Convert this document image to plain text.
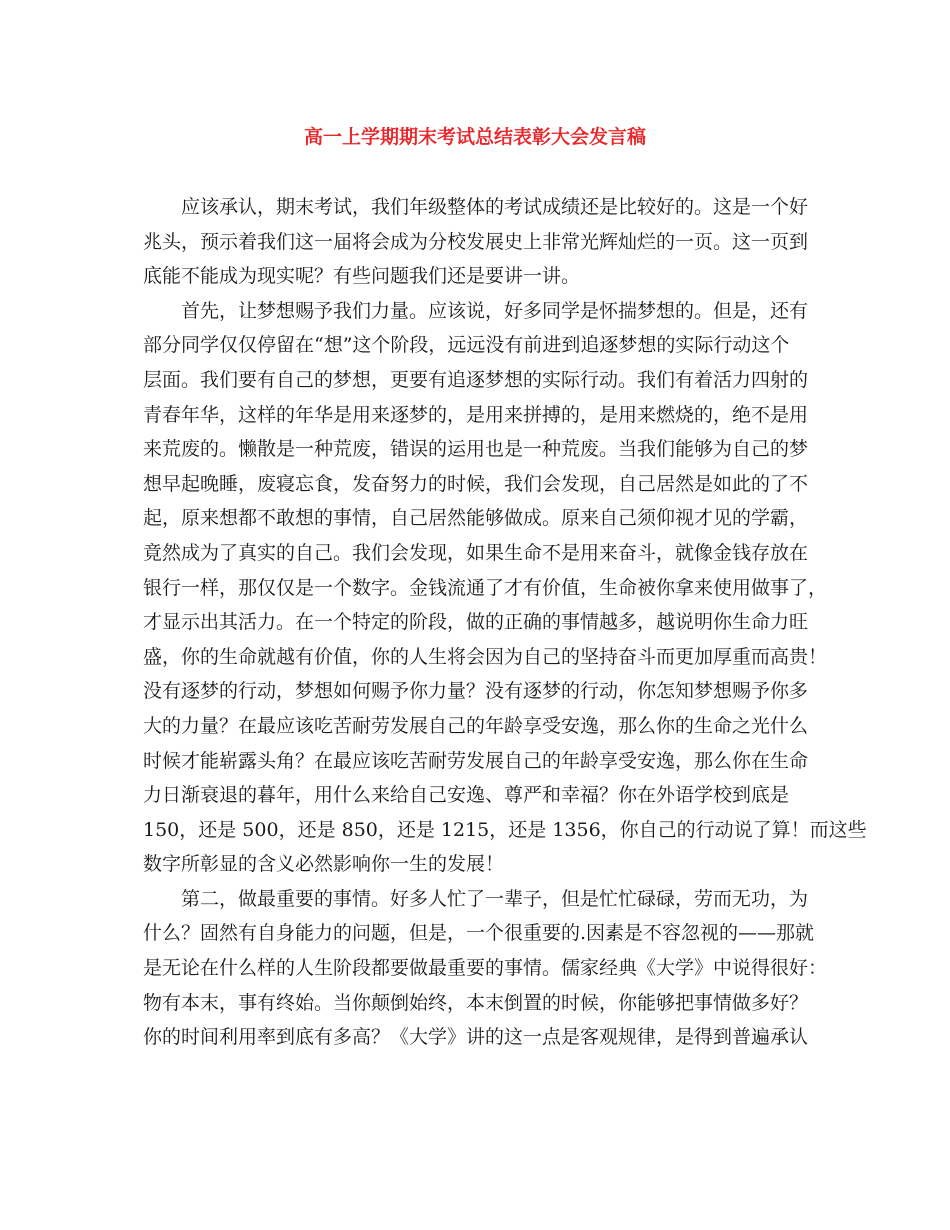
高一上学期期末考试总结表彰大会发言稿
应该承认，期末考试，我们年级整体的考试成绩还是比较好的。这是一个好
兆头，预示着我们这一届将会成为分校发展史上非常光辉灿烂的一页。这一页到
底能不能成为现实呢？有些问题我们还是要讲一讲。
首先，让梦想赐予我们力量。应该说，好多同学是怀揣梦想的。但是，还有
部分同学仅仅停留在“想”这个阶段，远远没有前进到追逐梦想的实际行动这个
层面。我们要有自己的梦想，更要有追逐梦想的实际行动。我们有着活力四射的
青春年华，这样的年华是用来逐梦的，是用来拼搏的，是用来燃烧的，绝不是用
来荒废的。懒散是一种荒废，错误的运用也是一种荒废。当我们能够为自己的梦
想早起晚睡，废寝忘食，发奋努力的时候，我们会发现，自己居然是如此的了不
起，原来想都不敢想的事情，自己居然能够做成。原来自己须仰视才见的学霸，
竟然成为了真实的自己。我们会发现，如果生命不是用来奋斗，就像金钱存放在
银行一样，那仅仅是一个数字。金钱流通了才有价值，生命被你拿来使用做事了，
才显示出其活力。在一个特定的阶段，做的正确的事情越多，越说明你生命力旺
盛，你的生命就越有价值，你的人生将会因为自己的坚持奋斗而更加厚重而高贵！
没有逐梦的行动，梦想如何赐予你力量？没有逐梦的行动，你怎知梦想赐予你多
大的力量？在最应该吃苦耐劳发展自己的年龄享受安逸，那么你的生命之光什么
时候才能崭露头角？在最应该吃苦耐劳发展自己的年龄享受安逸，那么你在生命
力日渐衰退的暮年，用什么来给自己安逸、尊严和幸福？你在外语学校到底是
150，还是 500，还是 850，还是 1215，还是 1356，你自己的行动说了算！而这些
数字所彰显的含义必然影响你一生的发展！
第二，做最重要的事情。好多人忙了一辈子，但是忙忙碌碌，劳而无功，为
什么？固然有自身能力的问题，但是，一个很重要的.因素是不容忽视的——那就
是无论在什么样的人生阶段都要做最重要的事情。儒家经典《大学》中说得很好：
物有本末，事有终始。当你颠倒始终，本末倒置的时候，你能够把事情做多好？
你的时间利用率到底有多高？《大学》讲的这一点是客观规律，是得到普遍承认
